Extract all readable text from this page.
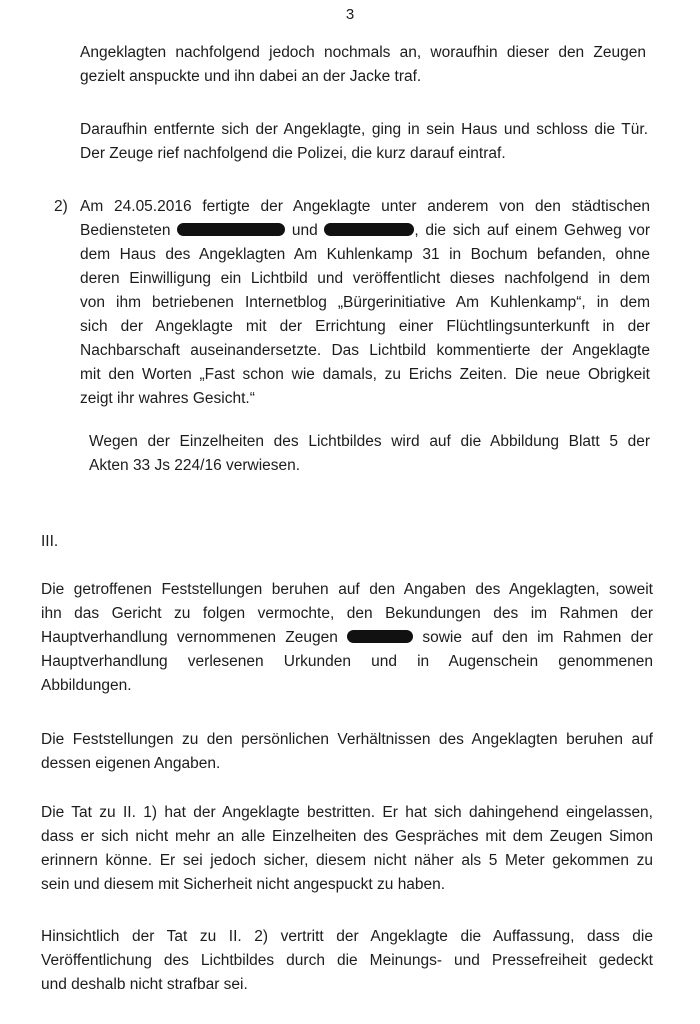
3
Angeklagten nachfolgend jedoch nochmals an, woraufhin dieser den Zeugen
gezielt anspuckte und ihn dabei an der Jacke traf.
Daraufhin entfernte sich der Angeklagte, ging in sein Haus und schloss die Tür.
Der Zeuge rief nachfolgend die Polizei, die kurz darauf eintraf.
2) Am 24.05.2016 fertigte der Angeklagte unter anderem von den städtischen
Bediensteten	und	, die sich auf einem Gehweg vor
dem Haus des Angeklagten Am Kuhlenkamp 31 in Bochum befanden, ohne
deren Einwilligung ein Lichtbild und veröffentlicht dieses nachfolgend in dem
von ihm betriebenen Internetblog „Bürgerinitiative Am Kuhlenkamp“, in dem
sich der Angeklagte mit der Errichtung einer Flüchtlingsunterkunft in der
Nachbarschaft auseinandersetzte. Das Lichtbild kommentierte der Angeklagte
mit den Worten „Fast schon wie damals, zu Erichs Zeiten. Die neue Obrigkeit
zeigt ihr wahres Gesicht.“
Wegen der Einzelheiten des Lichtbildes wird auf die Abbildung Blatt 5 der
Akten 33 Js 224/16 verwiesen.
III.
Die getroffenen Feststellungen beruhen auf den Angaben des Angeklagten, soweit
ihn das Gericht zu folgen vermochte, den Bekundungen des im Rahmen der
Hauptverhandlung vernommenen Zeugen	sowie auf den im Rahmen der
Hauptverhandlung verlesenen Urkunden und in Augenschein genommenen
Abbildungen.
Die Feststellungen zu den persönlichen Verhältnissen des Angeklagten beruhen auf
dessen eigenen Angaben.
Die Tat zu II. 1) hat der Angeklagte bestritten. Er hat sich dahingehend eingelassen,
dass er sich nicht mehr an alle Einzelheiten des Gespräches mit dem Zeugen Simon
erinnern könne. Er sei jedoch sicher, diesem nicht näher als 5 Meter gekommen zu
sein und diesem mit Sicherheit nicht angespuckt zu haben.
Hinsichtlich der Tat zu II. 2) vertritt der Angeklagte die Auffassung, dass die
Veröffentlichung des Lichtbildes durch die Meinungs- und Pressefreiheit gedeckt
und deshalb nicht strafbar sei.
